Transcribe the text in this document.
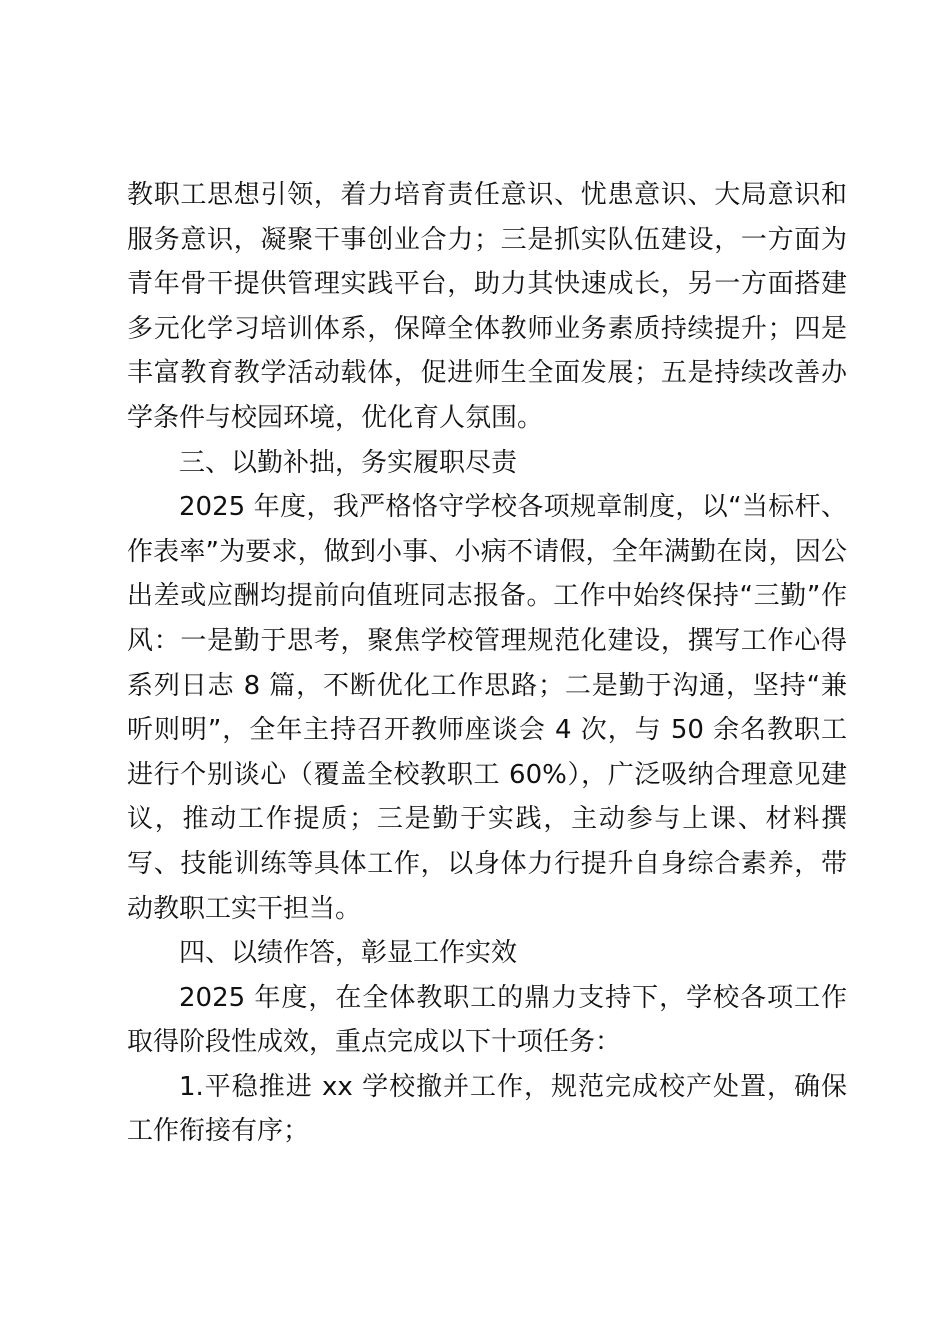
教职工思想引领，着力培育责任意识、忧患意识、大局意识和服务意识，凝聚干事创业合力；三是抓实队伍建设，一方面为青年骨干提供管理实践平台，助力其快速成长，另一方面搭建多元化学习培训体系，保障全体教师业务素质持续提升；四是丰富教育教学活动载体，促进师生全面发展；五是持续改善办学条件与校园环境，优化育人氛围。

三、以勤补拙，务实履职尽责

2025 年度，我严格恪守学校各项规章制度，以“当标杆、作表率”为要求，做到小事、小病不请假，全年满勤在岗，因公出差或应酬均提前向值班同志报备。工作中始终保持“三勤”作风：一是勤于思考，聚焦学校管理规范化建设，撰写工作心得系列日志 8 篇，不断优化工作思路；二是勤于沟通，坚持“兼听则明”，全年主持召开教师座谈会 4 次，与 50 余名教职工进行个别谈心（覆盖全校教职工 60%），广泛吸纳合理意见建议，推动工作提质；三是勤于实践，主动参与上课、材料撰写、技能训练等具体工作，以身体力行提升自身综合素养，带动教职工实干担当。

四、以绩作答，彰显工作实效

2025 年度，在全体教职工的鼎力支持下，学校各项工作取得阶段性成效，重点完成以下十项任务：

1.平稳推进 xx 学校撤并工作，规范完成校产处置，确保工作衔接有序；
